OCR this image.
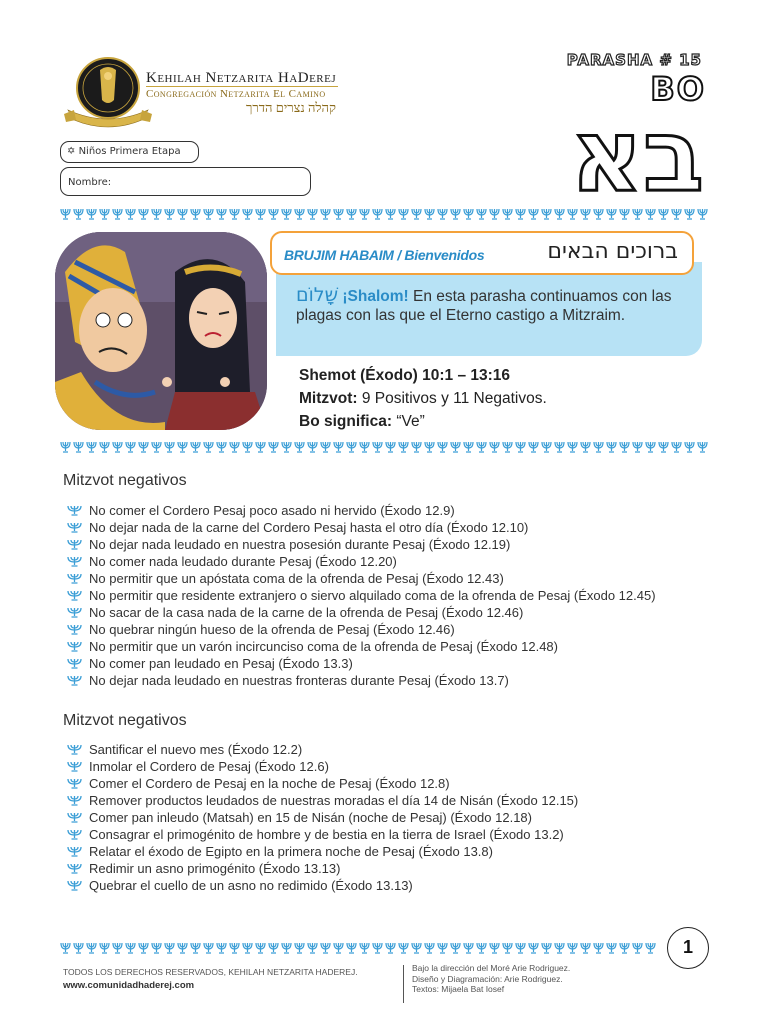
Kehilah Netzarita HaDerej
Congregación Netzarita El Camino
קהלה נצרים הדרך
PARASHA # 15
BO
בא
✡ Niños Primera Etapa
Nombre:
BRUJIM HABAIM / Bienvenidos	ברוכים הבאים
שָׁלוֹם ¡Shalom! En esta parasha continuamos con las plagas con las que el Eterno castigo a Mitzraim.
Shemot (Éxodo) 10:1 – 13:16
Mitzvot: 9 Positivos y 11 Negativos.
Bo significa: “Ve”
Mitzvot negativos
No comer el Cordero Pesaj poco asado ni hervido (Éxodo 12.9)
No dejar nada de la carne del Cordero Pesaj hasta el otro día (Éxodo 12.10)
No dejar nada leudado en nuestra posesión durante Pesaj (Éxodo 12.19)
No comer nada leudado durante Pesaj (Éxodo 12.20)
No permitir que un apóstata coma de la ofrenda de Pesaj (Éxodo 12.43)
No permitir que residente extranjero o siervo alquilado coma de la ofrenda de Pesaj (Éxodo 12.45)
No sacar de la casa nada de la carne de la ofrenda de Pesaj (Éxodo 12.46)
No quebrar ningún hueso de la ofrenda de Pesaj (Éxodo 12.46)
No permitir que un varón incircunciso coma de la ofrenda de Pesaj (Éxodo 12.48)
No comer pan leudado en Pesaj (Éxodo 13.3)
No dejar nada leudado en nuestras fronteras durante Pesaj (Éxodo 13.7)
Mitzvot negativos
Santificar el nuevo mes (Éxodo 12.2)
Inmolar el Cordero de Pesaj (Éxodo 12.6)
Comer el Cordero de Pesaj en la noche de Pesaj (Éxodo 12.8)
Remover productos leudados de nuestras moradas el día 14 de Nisán (Éxodo 12.15)
Comer pan inleudo (Matsah) en 15 de Nisán (noche de Pesaj) (Éxodo 12.18)
Consagrar el primogénito de hombre y de bestia en la tierra de Israel (Éxodo 13.2)
Relatar el éxodo de Egipto en la primera noche de Pesaj (Éxodo 13.8)
Redimir un asno primogénito (Éxodo 13.13)
Quebrar el cuello de un asno no redimido (Éxodo 13.13)
1
TODOS LOS DERECHOS RESERVADOS, KEHILAH NETZARITA HADEREJ.
www.comunidadhaderej.com
Bajo la dirección del Moré Arie Rodriguez.
Diseño y Diagramación: Arie Rodriguez.
Textos: Mijaela Bat Iosef
